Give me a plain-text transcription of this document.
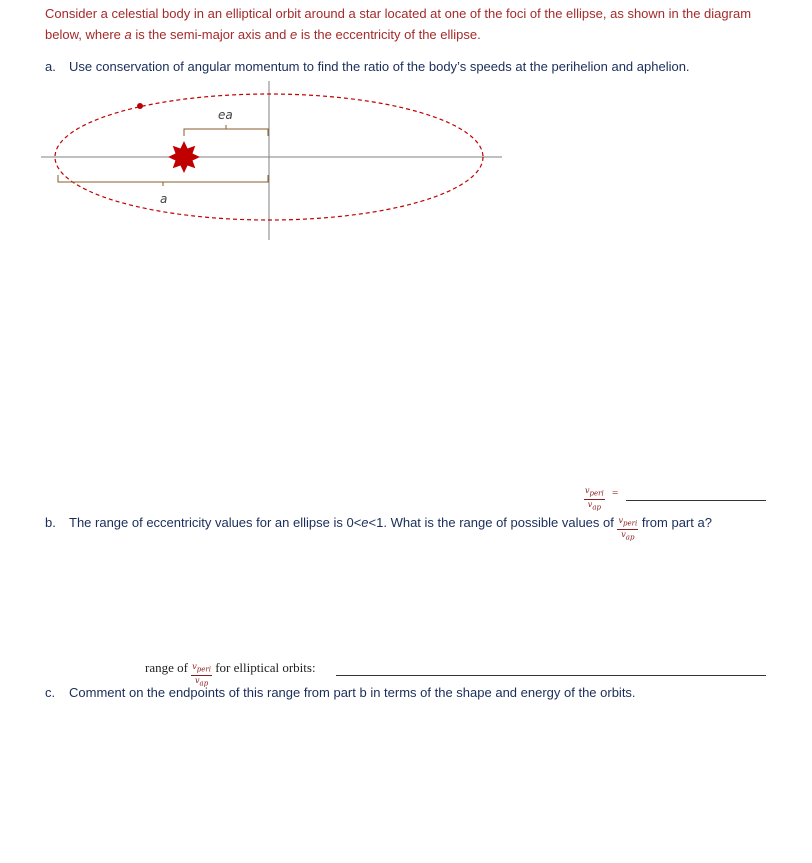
Consider a celestial body in an elliptical orbit around a star located at one of the foci of the ellipse, as shown in the diagram below, where a is the semi-major axis and e is the eccentricity of the ellipse.
a. Use conservation of angular momentum to find the ratio of the body’s speeds at the perihelion and aphelion.
ea
a
$\frac{v_{peri}}{v_{ap}}$ =
b. The range of eccentricity values for an ellipse is 0<e<1. What is the range of possible values of $\frac{v_{peri}}{v_{ap}}$ from part a?
range of $\frac{v_{peri}}{v_{ap}}$ for elliptical orbits:
c. Comment on the endpoints of this range from part b in terms of the shape and energy of the orbits.
